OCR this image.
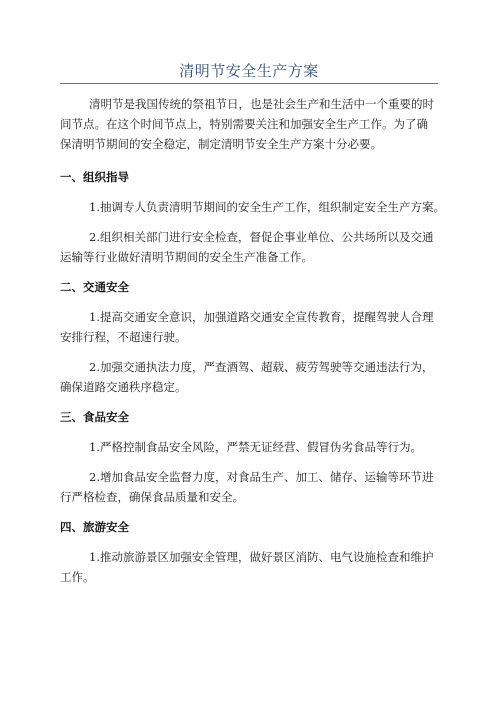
清明节安全生产方案

清明节是我国传统的祭祖节日，也是社会生产和生活中一个重要的时
间节点。在这个时间节点上，特别需要关注和加强安全生产工作。为了确
保清明节期间的安全稳定，制定清明节安全生产方案十分必要。

一、组织指导

1.抽调专人负责清明节期间的安全生产工作，组织制定安全生产方案。

2.组织相关部门进行安全检查，督促企事业单位、公共场所以及交通
运输等行业做好清明节期间的安全生产准备工作。

二、交通安全

1.提高交通安全意识，加强道路交通安全宣传教育，提醒驾驶人合理
安排行程，不超速行驶。

2.加强交通执法力度，严查酒驾、超载、疲劳驾驶等交通违法行为，
确保道路交通秩序稳定。

三、食品安全

1.严格控制食品安全风险，严禁无证经营、假冒伪劣食品等行为。

2.增加食品安全监督力度，对食品生产、加工、储存、运输等环节进
行严格检查，确保食品质量和安全。

四、旅游安全

1.推动旅游景区加强安全管理，做好景区消防、电气设施检查和维护
工作。
